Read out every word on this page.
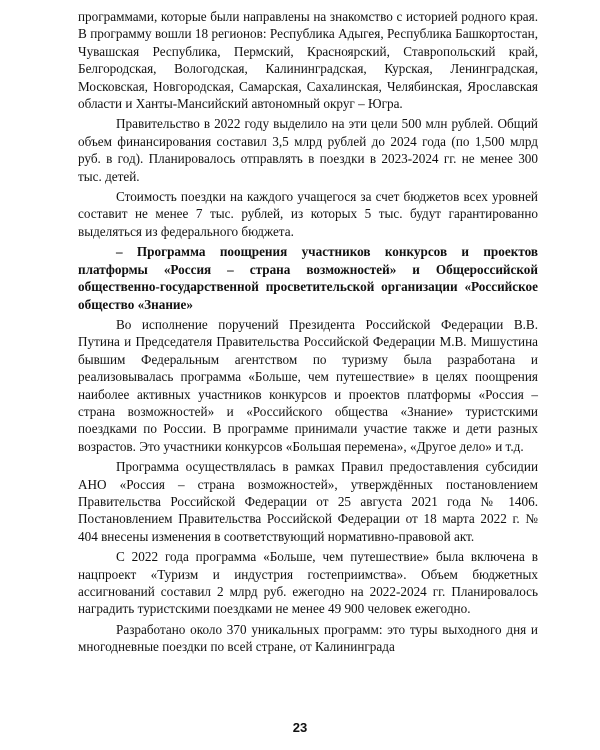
программами, которые были направлены на знакомство с историей родного края. В программу вошли 18 регионов: Республика Адыгея, Республика Башкортостан, Чувашская Республика, Пермский, Красноярский, Ставропольский край, Белгородская, Вологодская, Калининградская, Курская, Ленинградская, Московская, Новгородская, Самарская, Сахалинская, Челябинская, Ярославская области и Ханты-Мансийский автономный округ – Югра.

Правительство в 2022 году выделило на эти цели 500 млн рублей. Общий объем финансирования составил 3,5 млрд рублей до 2024 года (по 1,500 млрд руб. в год). Планировалось отправлять в поездки в 2023-2024 гг. не менее 300 тыс. детей.

Стоимость поездки на каждого учащегося за счет бюджетов всех уровней составит не менее 7 тыс. рублей, из которых 5 тыс. будут гарантированно выделяться из федерального бюджета.

– Программа поощрения участников конкурсов и проектов платформы «Россия – страна возможностей» и Общероссийской общественно-государственной просветительской организации «Российское общество «Знание»

Во исполнение поручений Президента Российской Федерации В.В. Путина и Председателя Правительства Российской Федерации М.В. Мишустина бывшим Федеральным агентством по туризму была разработана и реализовывалась программа «Больше, чем путешествие» в целях поощрения наиболее активных участников конкурсов и проектов платформы «Россия – страна возможностей» и «Российского общества «Знание» туристскими поездками по России. В программе принимали участие также и дети разных возрастов. Это участники конкурсов «Большая перемена», «Другое дело» и т.д.

Программа осуществлялась в рамках Правил предоставления субсидии АНО «Россия – страна возможностей», утверждённых постановлением Правительства Российской Федерации от 25 августа 2021 года № 1406. Постановлением Правительства Российской Федерации от 18 марта 2022 г. № 404 внесены изменения в соответствующий нормативно-правовой акт.

С 2022 года программа «Больше, чем путешествие» была включена в нацпроект «Туризм и индустрия гостеприимства». Объем бюджетных ассигнований составил 2 млрд руб. ежегодно на 2022-2024 гг. Планировалось наградить туристскими поездками не менее 49 900 человек ежегодно.

Разработано около 370 уникальных программ: это туры выходного дня и многодневные поездки по всей стране, от Калининграда

23
